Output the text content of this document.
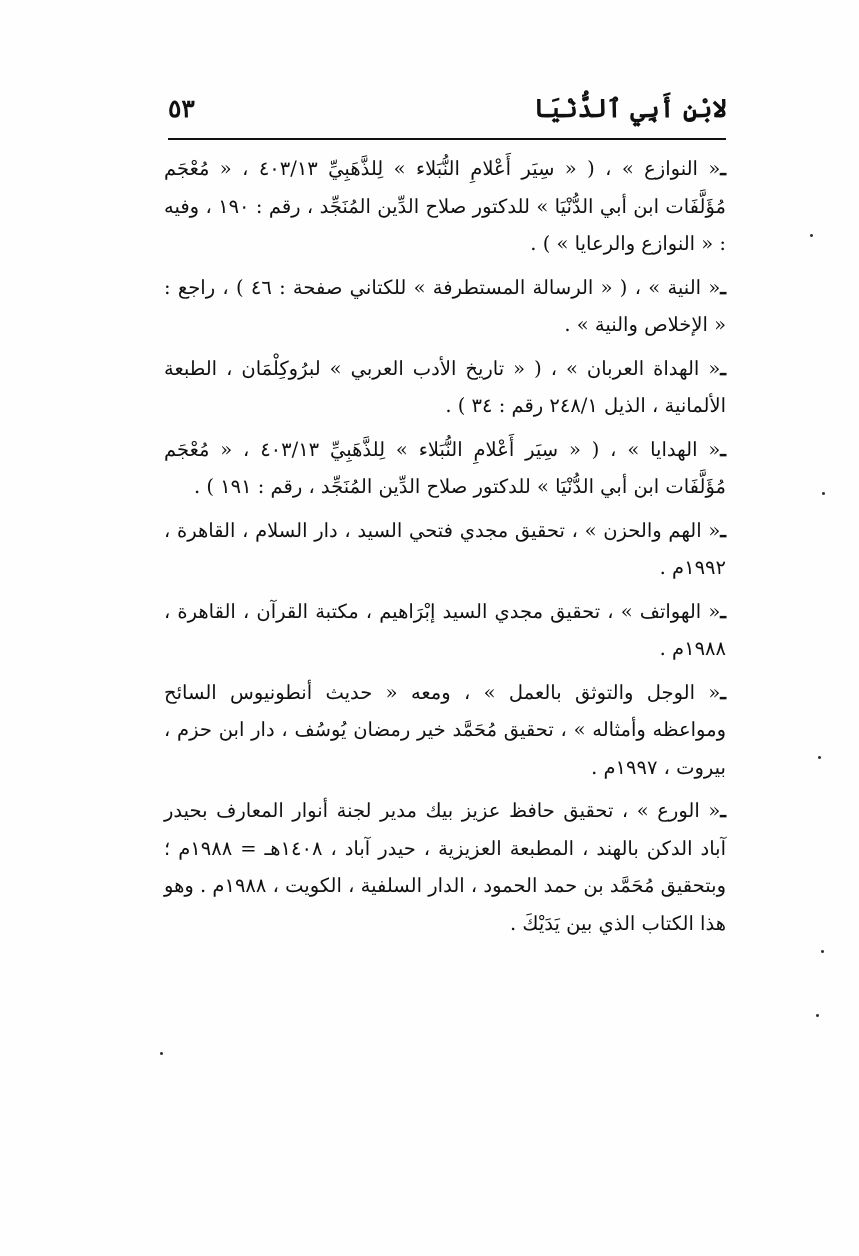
لابْنِ أَبِي ٱلدُّنْيَا
٥٣

ـ« النوازع » ، ( « سِيَر أَعْلامِ النُّبَلاء » لِلذَّهَبِيِّ ٤٠٣/١٣ ، « مُعْجَم مُؤَلَّفَات ابن أبي الدُّنْيَا » للدكتور صلاح الدِّين المُنَجِّد ، رقم : ١٩٠ ، وفيه : « النوازع والرعايا » ) .

ـ« النية » ، ( « الرسالة المستطرفة » للكتاني صفحة : ٤٦ ) ، راجع : « الإخلاص والنية » .

ـ« الهداة العربان » ، ( « تاريخ الأدب العربي » لبرُوكِلْمَان ، الطبعة الألمانية ، الذيل ٢٤٨/١ رقم : ٣٤ ) .

ـ« الهدايا » ، ( « سِيَر أَعْلامِ النُّبَلاء » لِلذَّهَبِيِّ ٤٠٣/١٣ ، « مُعْجَم مُؤَلَّفَات ابن أبي الدُّنْيَا » للدكتور صلاح الدِّين المُنَجِّد ، رقم : ١٩١ ) .

ـ« الهم والحزن » ، تحقيق مجدي فتحي السيد ، دار السلام ، القاهرة ، ١٩٩٢م .

ـ« الهواتف » ، تحقيق مجدي السيد إبْرَاهيم ، مكتبة القرآن ، القاهرة ، ١٩٨٨م .

ـ« الوجل والتوثق بالعمل » ، ومعه « حديث أنطونيوس السائح ومواعظه وأمثاله » ، تحقيق مُحَمَّد خير رمضان يُوسُف ، دار ابن حزم ، بيروت ، ١٩٩٧م .

ـ« الورع » ، تحقيق حافظ عزيز بيك مدير لجنة أنوار المعارف بحيدر آباد الدكن بالهند ، المطبعة العزيزية ، حيدر آباد ، ١٤٠٨هـ = ١٩٨٨م ؛ وبتحقيق مُحَمَّد بن حمد الحمود ، الدار السلفية ، الكويت ، ١٩٨٨م . وهو هذا الكتاب الذي بين يَدَيْكَ .
